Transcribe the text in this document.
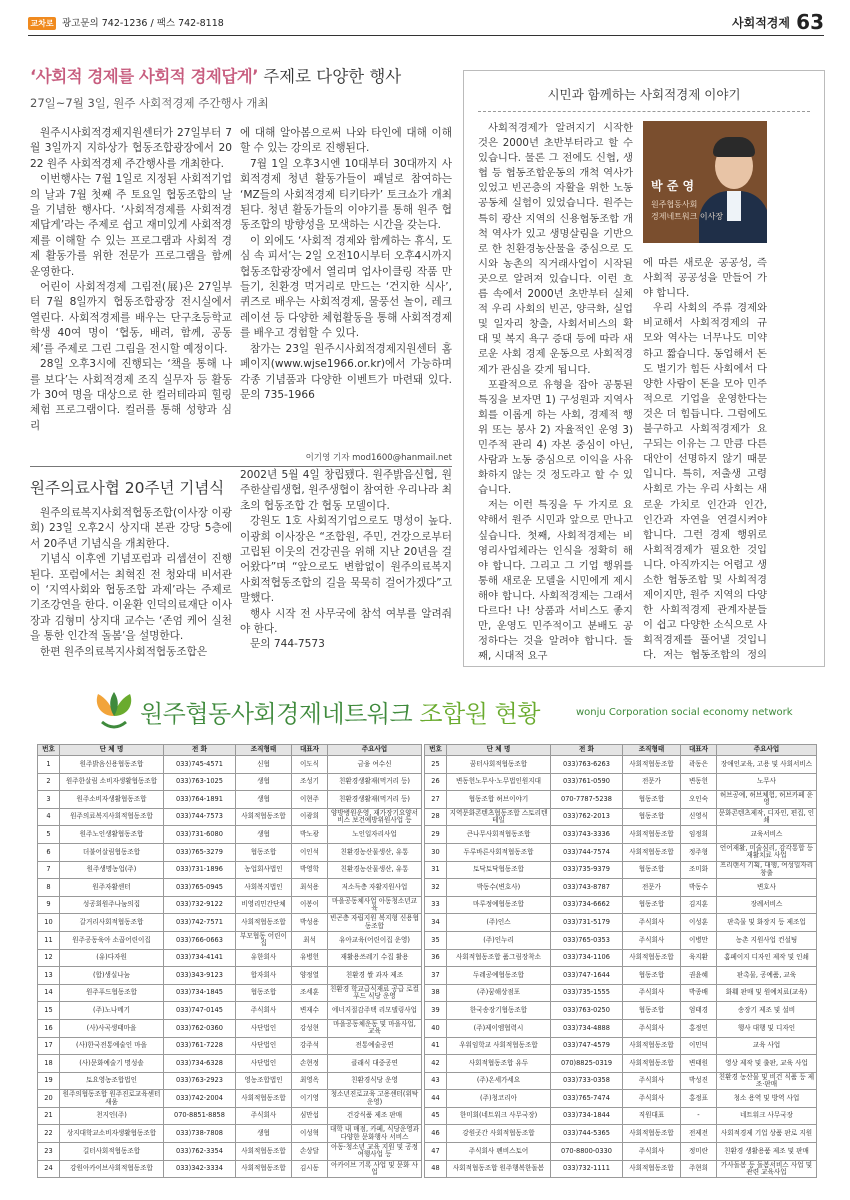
교차로 광고문의 742-1236 / 팩스 742-8118	사회적경제 63
‘사회적 경제를 사회적 경제답게’ 주제로 다양한 행사
27일~7월 3일, 원주 사회적경제 주간행사 개최

원주시사회적경제지원센터가 27일부터 7월 3일까지 지하상가 협동조합광장에서 2022 원주 사회적경제 주간행사를 개최한다.

이번행사는 7월 1일로 지정된 사회적기업의 날과 7월 첫째 주 토요일 협동조합의 날을 기념한 행사다. ‘사회적경제를 사회적경제답게’라는 주제로 쉽고 재미있게 사회적경제를 이해할 수 있는 프로그램과 사회적 경제 활동가를 위한 전문가 프로그램을 함께 운영한다.

어린이 사회적경제 그림전(展)은 27일부터 7월 8일까지 협동조합광장 전시실에서 열린다. 사회적경제를 배우는 단구초등학교 학생 40여 명이 ‘협동, 배려, 함께, 공동체’를 주제로 그린 그림을 전시할 예정이다.

28일 오후3시에 진행되는 ‘책을 통해 나를 보다’는 사회적경제 조직 실무자 등 활동가 30여 명을 대상으로 한 컬러테라피 힐링 체험 프로그램이다. 컬러를 통해 성향과 심리

에 대해 알아봄으로써 나와 타인에 대해 이해할 수 있는 강의로 진행된다.

7월 1일 오후3시엔 10대부터 30대까지 사회적경제 청년 활동가들이 패널로 참여하는 ‘MZ들의 사회적경제 티키타카’ 토크쇼가 개최된다. 청년 활동가들의 이야기를 통해 원주 협동조합의 방향성을 모색하는 시간을 갖는다.

이 외에도 ‘사회적 경제와 함께하는 휴식, 도심 속 피서’는 2일 오전10시부터 오후4시까지 협동조합광장에서 열리며 업사이클링 작품 만들기, 친환경 먹거리로 만드는 ‘건지한 식사’, 퀴즈로 배우는 사회적경제, 물풍선 놀이, 레크레이션 등 다양한 체험활동을 통해 사회적경제를 배우고 경험할 수 있다.

참가는 23일 원주시사회적경제지원센터 홈페이지(www.wjse1966.or.kr)에서 가능하며 각종 기념품과 다양한 이벤트가 마련돼 있다. 문의 735-1966

이기영 기자 mod1600@hanmail.net
원주의료사협 20주년 기념식

원주의료복지사회적협동조합(이사장 이광희) 23일 오후2시 상지대 본관 강당 5층에서 20주년 기념식을 개최한다.

기념식 이후엔 기념포럼과 리셉션이 진행된다. 포럼에서는 최혁진 전 청와대 비서관이 ‘지역사회와 협동조합 과제’라는 주제로 기조강연을 한다. 이윤환 인덕의료재단 이사장과 김형미 상지대 교수는 ‘존엄 케어 실천을 통한 인간적 돌봄’을 설명한다.

한편 원주의료복지사회적협동조합은

2002년 5월 4일 창립됐다. 원주밝음신협, 원주한살림생협, 원주생협이 참여한 우리나라 최초의 협동조합 간 협동 모델이다.

강원도 1호 사회적기업으로도 명성이 높다. 이광희 이사장은 “조합원, 주민, 건강으로부터 고립된 이웃의 건강권을 위해 지난 20년을 걸어왔다”며 “앞으로도 변함없이 원주의료복지사회적협동조합의 길을 묵묵히 걸어가겠다”고 말했다.

행사 시작 전 사무국에 참석 여부를 알려줘야 한다.

문의 744-7573

시민과 함께하는 사회적경제 이야기
박 준 영
원주협동사회
경제네트워크 이사장

사회적경제가 알려지기 시작한 것은 2000년 초반부터라고 할 수 있습니다. 물론 그 전에도 신협, 생협 등 협동조합운동의 개척 역사가 있었고 빈곤층의 자활을 위한 노동공동체 실험이 있었습니다. 원주는 특히 광산 지역의 신용협동조합 개척 역사가 있고 생명살림을 기반으로 한 친환경농산물을 중심으로 도시와 농촌의 직거래사업이 시작된 곳으로 알려져 있습니다. 이런 흐름 속에서 2000년 초반부터 실체적 우리 사회의 빈곤, 양극화, 실업 및 일자리 창출, 사회서비스의 확대 및 복지 욕구 증대 등에 따라 새로운 사회 경제 운동으로 사회적경제가 관심을 갖게 됩니다.

포괄적으로 유형을 잡아 공통된 특징을 보자면 1) 구성원과 지역사회를 이롭게 하는 사회, 경제적 행위 또는 봉사 2) 자율적인 운영 3) 민주적 관리 4) 자본 중심이 아닌, 사람과 노동 중심으로 이익을 사유화하지 않는 것 정도라고 할 수 있습니다.

저는 이런 특징을 두 가지로 요약해서 원주 시민과 앞으로 만나고 싶습니다. 첫째, 사회적경제는 비영리사업체라는 인식을 정확히 해야 합니다. 그리고 그 기업 행위를 통해 새로운 모델을 시민에게 제시해야 합니다. 사회적경제는 그래서 다르다! 나! 상품과 서비스도 좋지만, 운영도 민주적이고 분배도 공정하다는 것을 알려야 합니다. 둘째, 시대적 요구

에 따른 새로운 공공성, 즉 사회적 공공성을 만들어 가야 합니다.

우리 사회의 주류 경제와 비교해서 사회적경제의 규모와 역사는 너무나도 미약하고 짧습니다. 동업해서 돈도 벌기가 힘든 사회에서 다양한 사람이 돈을 모아 민주적으로 기업을 운영한다는 것은 더 힘듭니다. 그럼에도 불구하고 사회적경제가 요구되는 이유는 그 만큼 다른 대안이 선명하지 않기 때문입니다. 특히, 저출생 고령사회로 가는 우리 사회는 새로운 가치로 인간과 인간, 인간과 자연을 연결시켜야 합니다. 그런 경제 행위로 사회적경제가 필요한 것입니다. 아직까지는 어렵고 생소한 협동조합 및 사회적경제이지만, 원주 지역의 다양한 사회적경제 관계자분들이 쉽고 다양한 소식으로 사회적경제를 풀어낼 것입니다. 저는 협동조합의 정의

원주협동사회경제네트워크 조합원 현황	wonju Corporation social economy network
번호	단 체 명	전 화	조직형태	대표자	주요사업
1	원주밝음신용협동조합	033)745-4571	신협	이도식	금융 여수신
2	원주한살림 소비자생활협동조합	033)763-1025	생협	조성기	친환경생활재(먹거리 등)
3	원주소비자생활협동조합	033)764-1891	생협	이현주	친환경생활재(먹거리 등)
4	원주의료복지사회적협동조합	033)744-7573	사회적협동조합	이광희	양방병원운영, 재가장기요양서비스 보건예방위원사업 등
5	원주노인생활협동조합	033)731-6080	생협	박노광	노인일자리사업
6	더불어살림협동조합	033)765-3279	협동조합	이인석	친환경농산물생산, 유통
7	원주생명농업(주)	033)731-1896	농업회사법인	박영학	친환경농산물생산, 유통
8	원주자활센터	033)765-0945	사회복지법인	최석용	저소득층 자활지원사업
9	성공회원주나눔의집	033)732-9122	비영리민간단체	이봉이	마을공동체사업 아동청소년교육
10	갈거리사회적협동조합	033)742-7571	사회적협동조합	박성용	빈곤층 자립지원 복지형 신용협동조합
11	원주공동육아 소꿉어린이집	033)766-0663	부모협동 어린이집	최석	유아교육(어린이집 운영)
12	(유)다자원	033)734-4141	유한회사	유병헌	재활용쓰레기 수집 활용
13	(합)생실나눔	033)343-9123	합자회사	양정열	친환경 쌀 과자 제조
14	원주푸드협동조합	033)734-1845	협동조합	조세훈	친환경 학교급식재료 공급 로컬푸드 식당 운영
15	(주)노나메기	033)747-0145	주식회사	변재수	에너지절감주택 리모델링사업
16	(사)사곡생태마을	033)762-0360	사단법인	강성현	마을공동체운동 및 마을사업, 교육
17	(사)한국전통예술인 마을	033)761-7228	사단법인	강주석	전통예술공연
18	(사)문화예술기 명성솔	033)734-6328	사단법인	손현정	클래식 대중공연
19	토요영농조합법인	033)763-2923	영농조합법인	최영옥	친환경식당 운영
20	원주의협동조합 원주진로교육센터 새움	033)742-2004	사회적협동조합	이기영	청소년진로교육 고용센터(위탁운영)
21	천지인(주)	070-8851-8858	주식회사	심만섭	건강식품 제조 판매
22	상지대학교소비자생활협동조합	033)738-7808	생협	이성혁	대학 내 매점, 카페, 식당운영과 다양한 문화행사 서비스
23	길터사회적협동조합	033)762-3354	사회적협동조합	손상달	아동·청소년 교육 지원 및 공정여행사업 등
24	강원아카이브사회적협동조합	033)342-3334	사회적협동조합	김시동	아카이브 기록 사업 및 문화 사업
번호	단 체 명	전 화	조직형태	대표자	주요사업
25	꿈터사회적협동조합	033)763-6263	사회적협동조합	곽동은	장애인교육, 고용 및 사회서비스
26	변동헌노무사·노무법인원지대	033)761-0590	전문가	변동헌	노무사
27	협동조합 허브이야기	070-7787-5238	협동조합	오인숙	허브공예, 허브체험, 허브카페 운영
28	지역문화콘텐츠협동조합 스토리텐테일	033)762-2013	협동조합	신영식	문화콘텐츠제작, 디자인, 편집, 인쇄
29	큰나무사회적협동조합	033)743-3336	사회적협동조합	임정희	교육서비스
30	두루바른사회적협동조합	033)744-7574	사회적협동조합	정주형	언어재활, 미술심리, 감각통합 등 재활치료 사업
31	토닥토닥협동조합	033)735-9379	협동조합	조미화	프리랜서 기획, 대행, 여성일자리창출
32	박동수(변호사)	033)743-8787	전문가	박동수	변호사
33	마루정예협동조합	033)734-6662	협동조합	김지훈	장례서비스
34	(주)인스	033)731-5179	주식회사	이성훈	판촉물 및 화장지 등 제조업
35	(주)인누리	033)765-0353	주식회사	이병만	농촌 지원사업 컨설팅
36	사회적협동조합 품그림장착소	033)734-1106	사회적협동조합	육지환	홈페이지 디자인 제작 및 인쇄
37	두레공예협동조합	033)747-1644	협동조합	권윤혜	판촉물, 공예품, 교육
38	(주)꿈해상점포	033)735-1555	주식회사	박종배	화훼 판매 및 원예치료(교육)
39	한국송장기협동조합	033)763-0250	협동조합	엄태경	송장기 제조 및 설비
40	(주)제이엠협력시	033)734-4888	주식회사	홍정민	행사 대행 및 디자인
41	우워임학교 사회적협동조합	033)747-4579	사회적협동조합	이민덕	교육 사업
42	사회적협동조합 유두	070)8825-0319	사회적협동조합	변태원	영상 제작 및 출판, 교육 사업
43	(주)온세가세요	033)733-0358	주식회사	박성진	친환경 농산물 및 비건 식품 등 제조·판매
44	(주)청코리아	033)765-7474	주식회사	홍정표	청소 용역 및 방역 사업
45	한미회(네트워크 사무국장)	033)734-1844	직원대표	-	네트워크 사무국장
46	강원곳간 사회적협동조합	033)744-5365	사회적협동조합	전제전	사회적경제 기업 상품 판로 지원
47	주식회사 펜비스토어	070-8800-0330	주식회사	정미란	친환경 생활용품 제조 및 판매
48	사회적협동조합 원주행복한돌봄	033)732-1111	사회적협동조합	주현희	가사돌봄 등 돌봄서비스 사업 및 관련 교육사업
